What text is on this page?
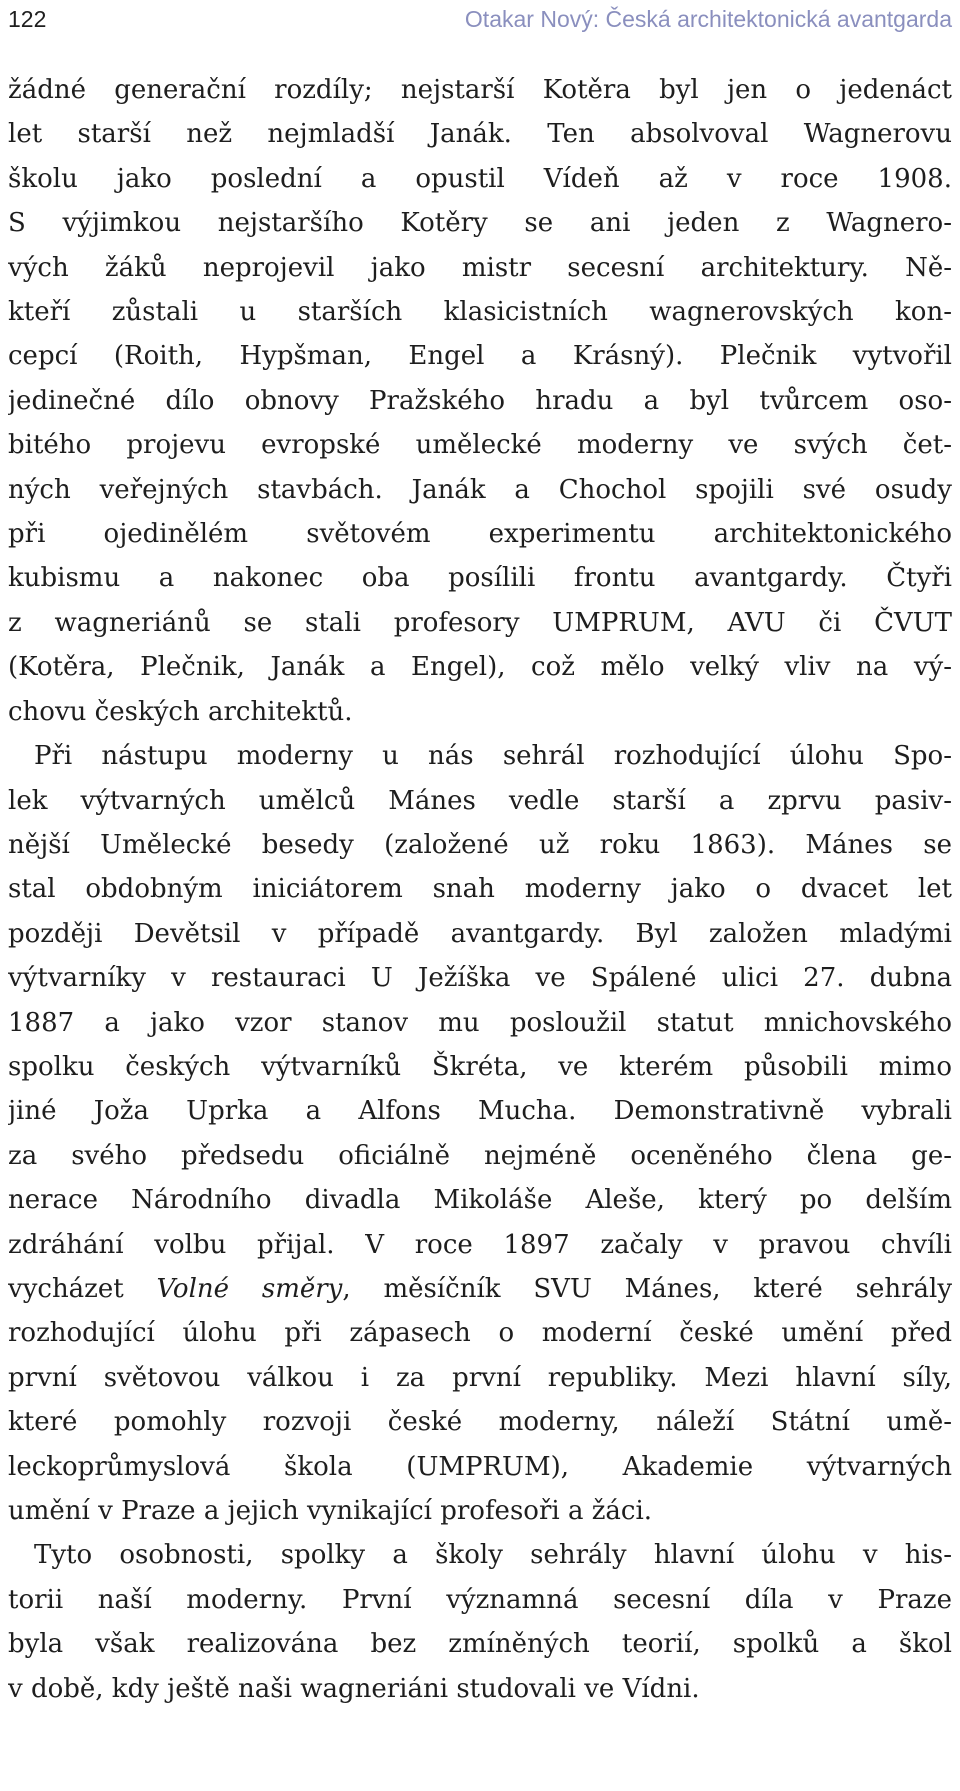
122	Otakar Nový: Česká architektonická avantgarda

žádné generační rozdíly; nejstarší Kotěra byl jen o jedenáct
let starší než nejmladší Janák. Ten absolvoval Wagnerovu
školu jako poslední a opustil Vídeň až v roce 1908.
S výjimkou nejstaršího Kotěry se ani jeden z Wagnero-
vých žáků neprojevil jako mistr secesní architektury. Ně-
kteří zůstali u starších klasicistních wagnerovských kon-
cepcí (Roith, Hypšman, Engel a Krásný). Plečnik vytvořil
jedinečné dílo obnovy Pražského hradu a byl tvůrcem oso-
bitého projevu evropské umělecké moderny ve svých čet-
ných veřejných stavbách. Janák a Chochol spojili své osudy
při ojedinělém světovém experimentu architektonického
kubismu a nakonec oba posílili frontu avantgardy. Čtyři
z wagneriánů se stali profesory UMPRUM, AVU či ČVUT
(Kotěra, Plečnik, Janák a Engel), což mělo velký vliv na vý-
chovu českých architektů.

Při nástupu moderny u nás sehrál rozhodující úlohu Spo-
lek výtvarných umělců Mánes vedle starší a zprvu pasiv-
nější Umělecké besedy (založené už roku 1863). Mánes se
stal obdobným iniciátorem snah moderny jako o dvacet let
později Devětsil v případě avantgardy. Byl založen mladými
výtvarníky v restauraci U Ježíška ve Spálené ulici 27. dubna
1887 a jako vzor stanov mu posloužil statut mnichovského
spolku českých výtvarníků Škréta, ve kterém působili mimo
jiné Joža Uprka a Alfons Mucha. Demonstrativně vybrali
za svého předsedu oficiálně nejméně oceněného člena ge-
nerace Národního divadla Mikoláše Aleše, který po delším
zdráhání volbu přijal. V roce 1897 začaly v pravou chvíli
vycházet Volné směry, měsíčník SVU Mánes, které sehrály
rozhodující úlohu při zápasech o moderní české umění před
první světovou válkou i za první republiky. Mezi hlavní síly,
které pomohly rozvoji české moderny, náleží Státní umě-
leckoprůmyslová škola (UMPRUM), Akademie výtvarných
umění v Praze a jejich vynikající profesoři a žáci.

Tyto osobnosti, spolky a školy sehrály hlavní úlohu v his-
torii naší moderny. První významná secesní díla v Praze
byla však realizována bez zmíněných teorií, spolků a škol
v době, kdy ještě naši wagneriáni studovali ve Vídni.
